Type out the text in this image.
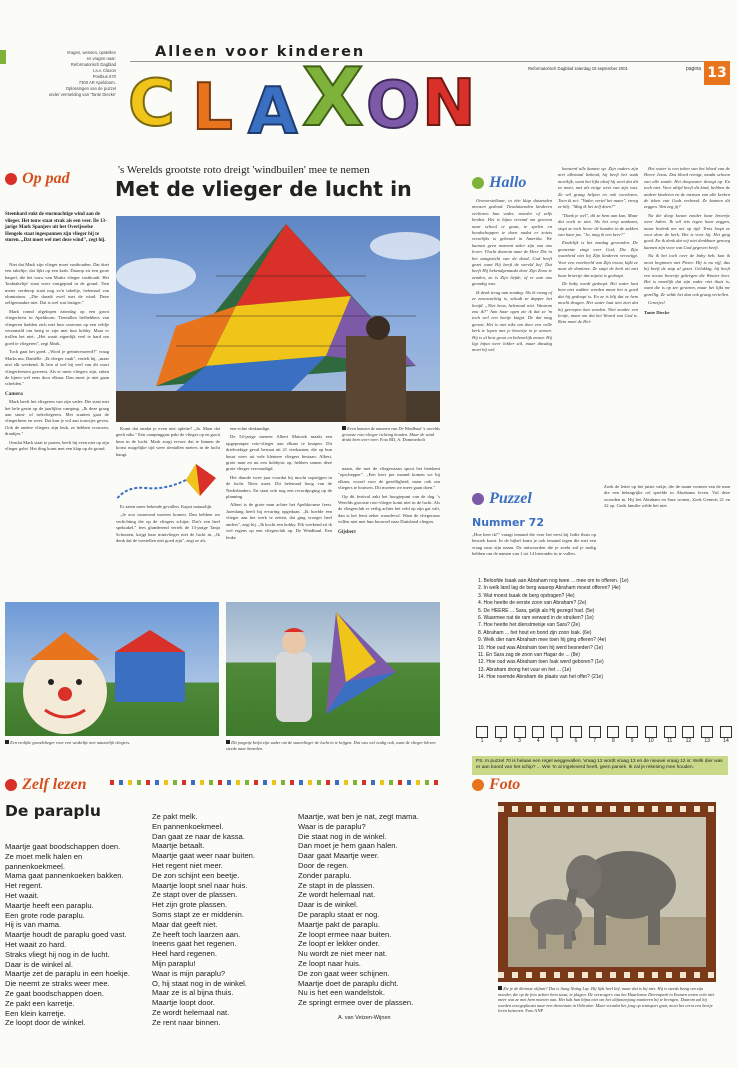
Vragen, wensen, opstellen
en vragen naar:
Reformatorisch Dagblad
t.a.v. Claxon
Postbus 670
7300 AR Apeldoorn.
Oplossingen van de puzzel
onder vermelding van 'Tante Diecke'
Alleen voor kinderen
Reformatorisch Dagblad zaterdag 15 september 2001	pagina 13
C L A X O N
Op pad	's Werelds grootste roto dreigt 'windbuilen' mee te nemen
Met de vlieger de lucht in
Steenhard rukt de stormachtige wind aan de vlieger. Het touw staat strak als een veer. De 13-jarige Mark Spanjers uit het Overijsselse Hengelo staat ingespannen zijn vlieger bij te sturen. „Dat moet wel met deze wind", zegt hij.

Niet dat Mark zijn vlieger moet vasthouden. Dat doet een takeltje; dat lijkt op een krab. Daarop zit een grote haspel, die het touw van Marks vlieger vasthoudt. Het 'krabtakeltje' staat weer vastgepind in de grond. Tien meter verderop staat nog zo'n takeltje, helemaal van aluminium. „Die draadt zwel met de wind. Deze zelfgemaakte niet. Dat is wel wat lastiger."

Mark ronnd afgelopen zaterdag op een groot vliegerfeest in Apeldoorn. Tientallen liefhebbers van vliegeren hadden zich met hun caravans op een veldje verzameld om berig te zijn met hun hobby. Maar er trollen het niet. „Het waait eigenlijk veel te hard om goed te vliegeren", zegt Mark.

Toch gaat het goed. „Word je geïnteresseerd?" vraag Marks ma, Daniëlle. „Ik vlieger vaak", vertelt hij, „maar niet elk weekend. Ik ben al wel bij veel van dit soort vliegerfeesten geweest. Als er meer vliegers zijn, raken de lijnen wel eens door elkaar. Dan moet je niet gaan schelden."

Camera

Mark heeft het vliegeren van zijn vader. Die staat met het hele gezin op de jaarlijkse camping. „Ik deze graag aan stunt- of trekvliegeren. Met stunten gaat de vliegerheen en weer. Dat kun je wil aan touwtjes geven. Ook de andere vliegers zijn leuk, ze hebben vrouwen, draakjes."

Onsdat Mark staat te praten, heeft hij even niet op zijn vlieger gelet. Het ding komt met een klap op de grond.

Even kunnen de mannen van De Windbuul 's werelds grootste roto-vlieger richting houden. Maar de wind drukt hem weer neer. Foto RD, A. Dommerholt

Komt dat omdat je even niet oplette? „Ja. Maar dat geeft niks." Een campinggast pakt de vlieger op en gooit hem in de lucht. Mark zorgt ervoor dat ie binnen de kortst mogelijke tijd weer tientallen meters in de lucht hangt.

Er zaten meer bekende gevallen. Kapot natuurlijk.

„Je zou vanavond moeten komen. Dan hebben we verlichting die op de vliegers schijnt. Dat's een heel spektakel," fees glunderend vertelt de 13-jarige Tanja Schouten, krijgt haar minivlieger niet de lucht in, „Ik denk dat de toestellen niet goed zijn", zegt ze als.

een echte deskundige.

De 54-jarige meneer Albert Matosik maakt een opgepompte roto-vlieger aan elkaar te knopen. Dit driehoekige geval bestaat uit 21 vierkanten, die op hun beurt weer uit vele kleinere vliegers bestaan. Albert, grote man en nu een hobbyist op, hebben samen deze grote vlieger vervaardigd.

Het duurde twee jaar voordat hij mocht sopstijgen in de lucht. Niets moet. Dit helemaal hoog van de Nederlanders. En staat ook nog een recordpoging op de planning.

Albert is de grote man achter het Apeldoornse feest. Jarenlang heeft hij ervaring opgedaan. „Ik hoefde een vlieger aan het werk te zetten, dat ging vroeger heel anders", zegt hij. „Ik kocht een hobby. Elk weekend zit ik wel ergens op een vliegerclub op. De Windbuul. Een leuke

naam, die met de vliegerstaan spoot het betekent "opschepper". „Een keer per maand komen we bij elkaar, vooral voor de gezelligheid, maar ook om vliegers te bouwen. Dit moeten we meer gaan doen."

Op dit festival zakt het hoogtepunt van de dag. 's Werelds grootste roto-vlieger komt niet in de lucht. Als de vliegerclub er veilig achter het veld op zijn gat valt, dan is het feest zeker waardevol. Want de vliegeraars willen niet met hun bouwsel naar Duitsland vliegen.

Gijsbert
Een vrolijke grondvlieger voor een winkeltje met natuurlijk vliegers.	Dit jongetje helpt zijn vader om de stuntvlieger de lucht in te krijgen. Dat was wel nodig ook, want de vlieger bleven steeds naar beneden.
Hallo

Onvoorstelbaar, in één klap duizenden mensen gedood. Tienduizenden kinderen verliezen hun vader, moeder of zelfs beiden. Het is bijna vreemd om gewoon naar school te gaan, te spelen en boodschappen te doen nadat er zoiets vreselijks is gebeurd in Amerika. We kunnen geen moment zeker zijn van ons leven. Vlucht daarom naar de Here Die in het aangezicht van de dood, God heeft gezet want Hij heeft de wereld lief. Dat heeft Hij bekendgemaakt door Zijn Zoon te zenden, zo is Zijn liefde, of er aan ons genadig was.

Ik denk terug aan zondag. Als ik vraag of ze zenuwachtig is, schudt ze dapper het hoofd. „Niet heus, helemaal niet. Waarom zou ik?" Aan haar ogen zie ik dat ze 'm toch wel een beetje knijpt. De dat mag gerust. Het is niet niks om door een volle kerk te lopen met je broertje in je armen. Hij is al best groot en behoorlijk zwaar. Hij ligt bijna weer lekker stil, maar dinsdag moet hij wel.

koesterd alle kanten op. Zijn ouders zijn niet allemaal bekend, hij heeft het vaak moeilijk, want het lijkt alsof hij weet dat dit zo moet, met als enige weet van zijn rust. Ze wil graag helpen en ook voorlezen. Toen ik zei: "Vader, vertel het maar", vroeg ze blij: "Mag ik het zelf doen?"

"Dank je wel", dit ze hem aan kan. Maar dat voelt ze niet. Als het erop aankomt, stopt ze toch liever de handen in de zakken van haar jas. "Ja, mag ik een keer?"

Eindelijk is het zondag geworden. De gemeente zingt over God, Die Zijn waarheid niet bij Zijn kinderen verzwijgt. Voor een voorbeeld van Zijn trouw, kijkt ze naar de dominee. Ze stapt de kerk uit met haar broertje dat zojuist is gedoopt.

De baby wordt gedoopt. Het water laat hem niet wakker worden maar het is goed dat hij gedoopt is. En ze is blij dat ze hem mocht dragen. Het water laat niet zien dat hij geroepen kan worden. Niet zonder een lentje, maar om dat het Woord van God is. Rein moet de Hei-

Het water is een teken van het bloed van de Heere Jezus. Dat bloed reinigt, maakt schoon van alle zonde. Het doopwater droogt op. En toch niet. Voor altijd heeft dit kind, hebben de andere kinderen en de mensen van alle kerken de teken van Gods verbond. Ze kunnen dit zeggen. Wat zeg jij?

Na die doop kwam zonder haar broertje weer halen. Ik wil iets tegen haar zeggen, maar bedenk me net op tijd. Trots loopt ze voor door de kerk. Het is voor hij. Het ging goed. En ik denk dat wij niet denkbaar genoeg kunnen zijn voor wat God gegeven heeft.

Nu ik het toch over de baby heb, kan ik mooi beginnen met Pieter. Hij is nu vijf, dus hij heeft de stap al gezet. Gelukkig, hij heeft een nieuw broertje gekregen die Wouter heet. Het is moeilijk dat zijn vader niet thuis is, want die is op zee gevaren, maar het lijkt me gezellig. Ze wilde het dan ook graag vertellen.

Groetjes!

Tante Diecke
Puzzel
Nummer 72
„Hoe heet ik?" vraagt iemand die voor het eerst bij Jodie thuis op bezoek komt. In de bijbel komt je ook iemand tegen die met een vraag naar zijn naam. De antwoorden die je zoekt zul je nodig hebben om de namen van 1 tot 14 hieronder in te vullen.
Zoek de letter op het juiste vakje, die de naam vormen van de man die een belangrijke rol speelde in Abrahams leven. Vul deze woorden in. Hij liet Abraham en Sara wonen, Zoek Genesis 21 en 22 op. Gods familie wilde het niet.
1. Beloofde Isaak aan Abraham nog twee ... mee om te offeren. (1e)
2. In welk land lag de berg waarop Abraham moest offeren? (4e)
3. Wat moest Isaak de berg opdragen? (4e)
4. Hoe heette de eerste zoon van Abraham? (2e)
5. De HEERE ... Sara, gelijk als Hij gezegd had. (5e)
6. Waarmee nat de ram verward in de struiken? (1e)
7. Hoe heette het dienstmeisje van Sara? (2e)
8. Abraham ... het hout en bond zijn zoon Isak. (6e)
9. Welk dier nam Abraham mee toen hij ging offeren? (4e)
10. Hoe oud was Abraham toen hij werd besneden? (1e)
11. En Sara zag de zoon van Hagar de ... (8e)
12. Hoe oud was Abraham toen Isak werd geboren? (1e)
13. Abraham drong het vuur en het ... (1e)
14. Hoe noemde Abraham de plaats van het offer? (21e)
1	2	3	4	5	6	7	8	9	10	11	12	13	14
PS. In puzzel 70 is helaas een regel weggevallen. Vraag 12 wordt vraag 13 en de nieuwe vraag 12 is: Welk dier was er aan boord van het schip? ... Wie 'm al ingeleverd heeft, geen paniek. Ik zal je rekening mee houden.
Zelf lezen
De paraplu
Maartje gaat boodschappen doen.
Ze moet melk halen en
pannenkoekmeel.
Mama gaat pannenkoeken bakken.
Het regent.
Het waait.
Maartje heeft een paraplu.
Een grote rode paraplu.
Hij is van mama.
Maartje houdt de paraplu goed vast.
Het waait zo hard.
Straks vliegt hij nog in de lucht.
Daar is de winkel al.
Maartje zet de paraplu in een hoekje.
Die neemt ze straks weer mee.
Ze gaat boodschappen doen.
Ze pakt een karretje.
Een klein karretje.
Ze loopt door de winkel.
Ze pakt melk.
En pannenkoekmeel.
Dan gaat ze naar de kassa.
Maartje betaalt.
Maartje gaat weer naar buiten.
Het regent niet meer.
De zon schijnt een beetje.
Maartje loopt snel naar huis.
Ze stapt over de plassen.
Het zijn grote plassen.
Soms stapt ze er middenin.
Maar dat geeft niet.
Ze heeft toch laarzen aan.
Ineens gaat het regenen.
Heel hard regenen.
Mijn paraplu!
Waar is mijn paraplu?
O, hij staat nog in de winkel.
Maar ze is al bijna thuis.
Maartje loopt door.
Ze wordt helemaal nat.
Ze rent naar binnen.
Maartje, wat ben je nat, zegt mama.
Waar is de paraplu?
Die staat nog in de winkel.
Dan moet je hem gaan halen.
Daar gaat Maartje weer.
Door de regen.
Zonder paraplu.
Ze stapt in de plassen.
Ze wordt helemaal nat.
Daar is de winkel.
De paraplu staat er nog.
Maartje pakt de paraplu.
Ze loopt ermee naar buiten.
Ze loopt er lekker onder.
Nu wordt ze niet meer nat.
Ze loopt naar huis.
De zon gaat weer schijnen.
Maartje doet de paraplu dicht.
Nu is het een wandelstok.
Ze springt ermee over de plassen.
A. van Vetzen-Wijnen
Foto
Zie je de kleinste olifant? Dat is Aung Naing Lay. Hij lijkt heel lief, maar dat is hij niet. Hij is steeds bezig om zijn moeder, die op de foto achter hem staat, te plagen. De verzorgers van het Haarlemse Dierenpark in Emmen weten echt niet meer wat ze met hem moeten aan. Het lukt hun bijna niet om het olifantenjong manieren bij te brengen. Daarom zal hij worden overgeplaatst naar een dierentuin in Oekraïne. Maar voordat het jong op transport gaat, moet het eerst een beetje leren luisteren. Foto ANP
